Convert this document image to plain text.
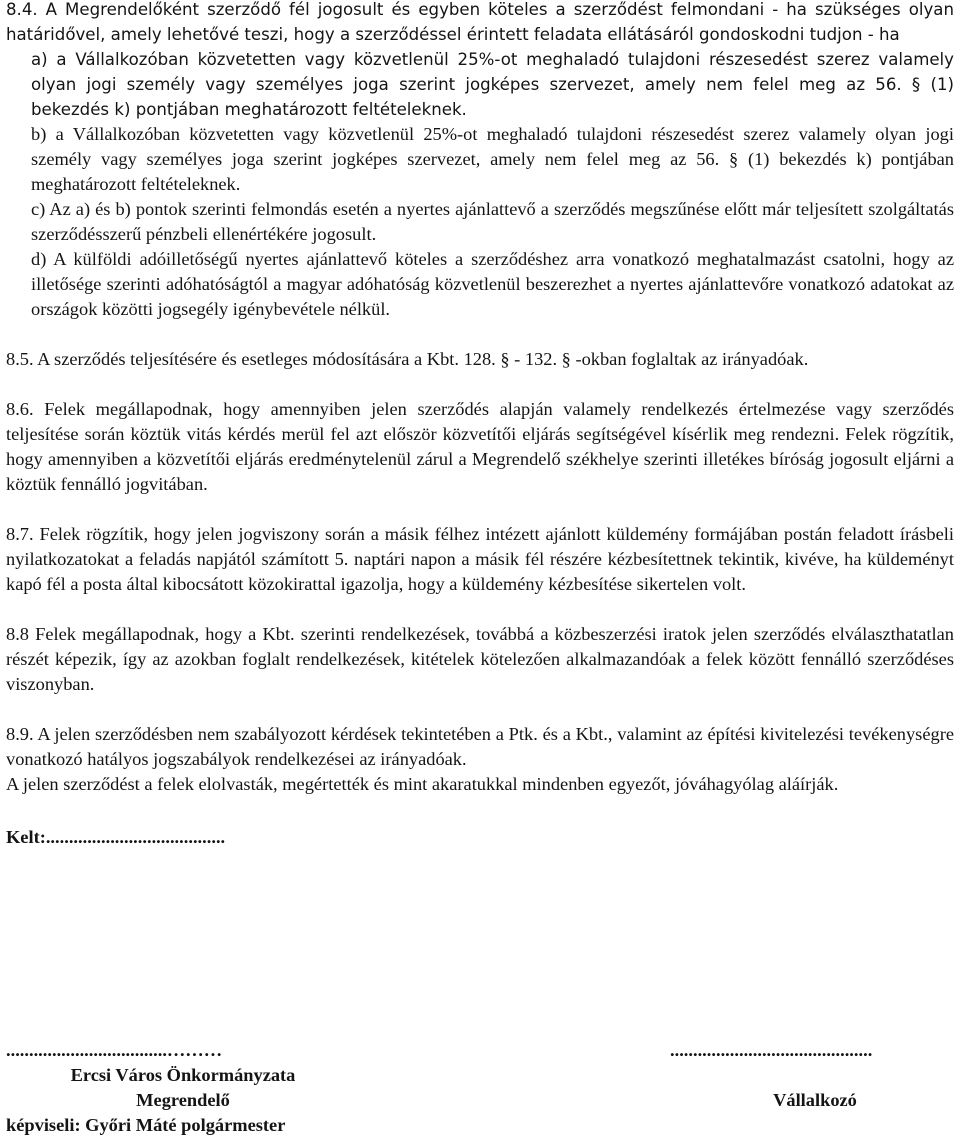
8.4. A Megrendelőként szerződő fél jogosult és egyben köteles a szerződést felmondani - ha szükséges olyan határidővel, amely lehetővé teszi, hogy a szerződéssel érintett feladata ellátásáról gondoskodni tudjon - ha

a) a Vállalkozóban közvetetten vagy közvetlenül 25%-ot meghaladó tulajdoni részesedést szerez valamely olyan jogi személy vagy személyes joga szerint jogképes szervezet, amely nem felel meg az 56. § (1) bekezdés k) pontjában meghatározott feltételeknek.

b) a Vállalkozóban közvetetten vagy közvetlenül 25%-ot meghaladó tulajdoni részesedést szerez valamely olyan jogi személy vagy személyes joga szerint jogképes szervezet, amely nem felel meg az 56. § (1) bekezdés k) pontjában meghatározott feltételeknek.

c) Az a) és b) pontok szerinti felmondás esetén a nyertes ajánlattevő a szerződés megszűnése előtt már teljesített szolgáltatás szerződésszerű pénzbeli ellenértékére jogosult.

d) A külföldi adóilletőségű nyertes ajánlattevő köteles a szerződéshez arra vonatkozó meghatalmazást csatolni, hogy az illetősége szerinti adóhatóságtól a magyar adóhatóság közvetlenül beszerezhet a nyertes ajánlattevőre vonatkozó adatokat az országok közötti jogsegély igénybevétele nélkül.

8.5. A szerződés teljesítésére és esetleges módosítására a Kbt. 128. § - 132. § -okban foglaltak az irányadóak.

8.6. Felek megállapodnak, hogy amennyiben jelen szerződés alapján valamely rendelkezés értelmezése vagy szerződés teljesítése során köztük vitás kérdés merül fel azt először közvetítői eljárás segítségével kísérlik meg rendezni. Felek rögzítik, hogy amennyiben a közvetítői eljárás eredménytelenül zárul a Megrendelő székhelye szerinti illetékes bíróság jogosult eljárni a köztük fennálló jogvitában.

8.7. Felek rögzítik, hogy jelen jogviszony során a másik félhez intézett ajánlott küldemény formájában postán feladott írásbeli nyilatkozatokat a feladás napjától számított 5. naptári napon a másik fél részére kézbesítettnek tekintik, kivéve, ha küldeményt kapó fél a posta által kibocsátott közokirattal igazolja, hogy a küldemény kézbesítése sikertelen volt.

8.8 Felek megállapodnak, hogy a Kbt. szerinti rendelkezések, továbbá a közbeszerzési iratok jelen szerződés elválaszthatatlan részét képezik, így az azokban foglalt rendelkezések, kitételek kötelezően alkalmazandóak a felek között fennálló szerződéses viszonyban.

8.9. A jelen szerződésben nem szabályozott kérdések tekintetében a Ptk. és a Kbt., valamint az építési kivitelezési tevékenységre vonatkozó hatályos jogszabályok rendelkezései az irányadóak.

A jelen szerződést a felek elolvasták, megértették és mint akaratukkal mindenben egyezőt, jóváhagyólag aláírják.

Kelt:.......................................

...................................………
Ercsi Város Önkormányzata
Megrendelő
képviseli: Győri Máté polgármester
............................................
Vállalkozó
